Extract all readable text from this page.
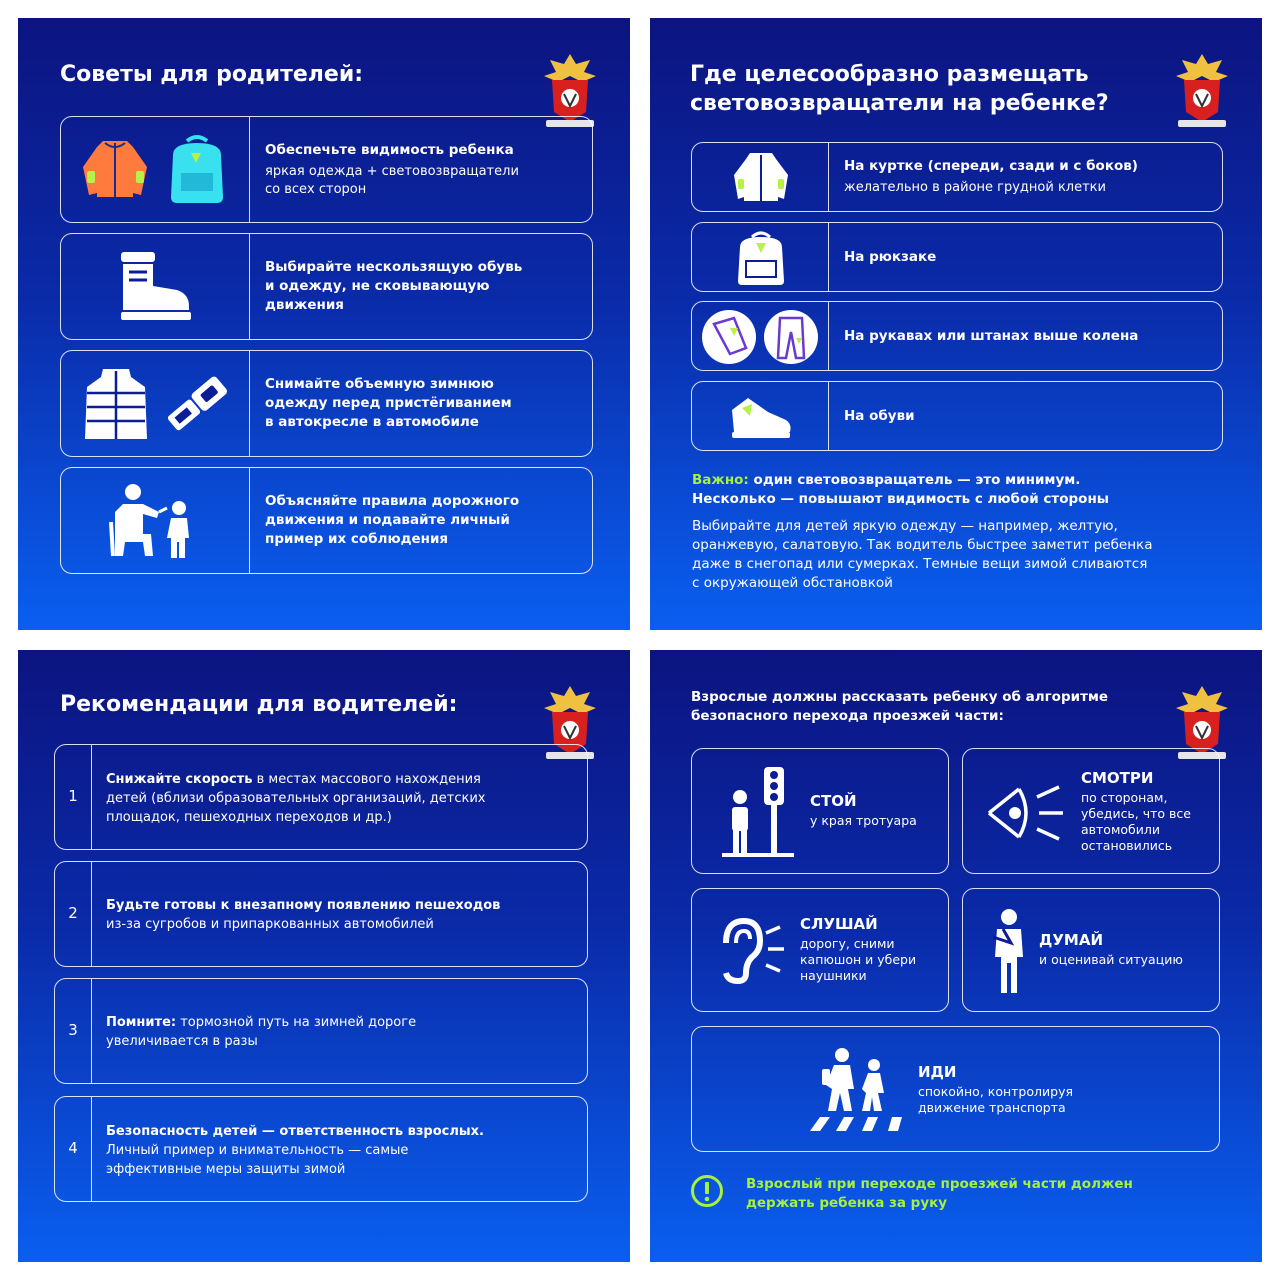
Советы для родителей:
Обеспечьте видимость ребенка
яркая одежда + световозвращатели
со всех сторон
Выбирайте нескользящую обувь
и одежду, не сковывающую
движения
Снимайте объемную зимнюю
одежду перед пристёгиванием
в автокресле в автомобиле
Объясняйте правила дорожного
движения и подавайте личный
пример их соблюдения
Где целесообразно размещать
световозвращатели на ребенке?
На куртке (спереди, сзади и с боков)
желательно в районе грудной клетки
На рюкзаке
На рукавах или штанах выше колена
На обуви
Важно: один световозвращатель — это минимум.
Несколько — повышают видимость с любой стороны
Выбирайте для детей яркую одежду — например, желтую,
оранжевую, салатовую. Так водитель быстрее заметит ребенка
даже в снегопад или сумерках. Темные вещи зимой сливаются
с окружающей обстановкой
Рекомендации для водителей:
1
Снижайте скорость в местах массового нахождения
детей (вблизи образовательных организаций, детских
площадок, пешеходных переходов и др.)
2	Будьте готовы к внезапному появлению пешеходов
из-за сугробов и припаркованных автомобилей
3	Помните: тормозной путь на зимней дороге
увеличивается в разы
4
Безопасность детей — ответственность взрослых.
Личный пример и внимательность — самые
эффективные меры защиты зимой
Взрослые должны рассказать ребенку об алгоритме
безопасного перехода проезжей части:
СТОЙ
у края тротуара
СМОТРИ
по сторонам,
убедись, что все
автомобили
остановились
СЛУШАЙ
дорогу, сними
капюшон и убери
наушники
ДУМАЙ
и оценивай ситуацию
ИДИ
спокойно, контролируя
движение транспорта
Взрослый при переходе проезжей части должен
держать ребенка за руку
